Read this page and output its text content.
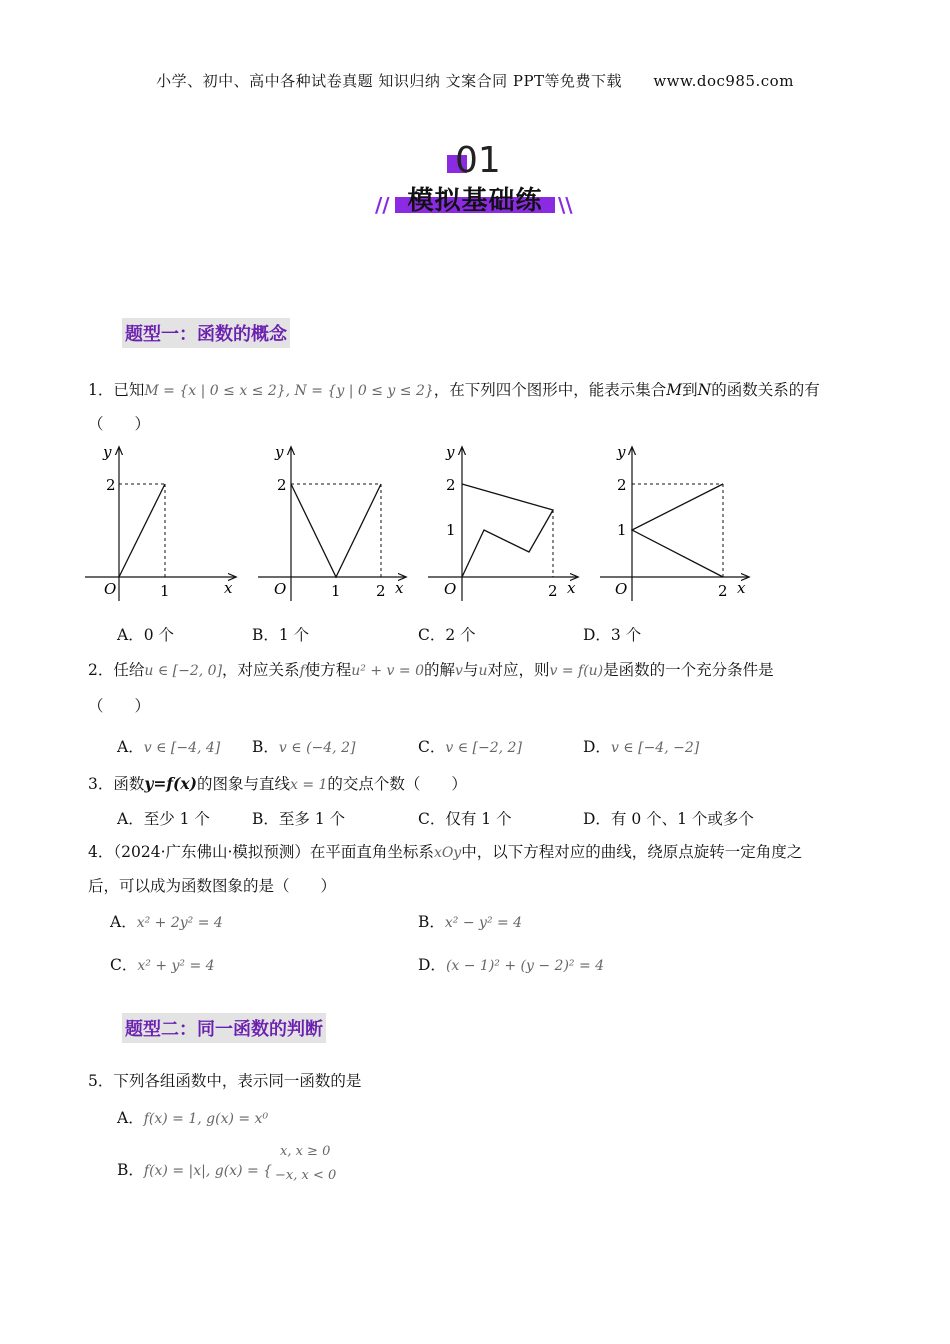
小学、初中、高中各种试卷真题 知识归纳 文案合同 PPT等免费下载 www.doc985.com
01
模拟基础练
//	\\
题型一：函数的概念
1．已知M = {x | 0 ≤ x ≤ 2}, N = {y | 0 ≤ y ≤ 2}，在下列四个图形中，能表示集合M到N的函数关系的有
（　　）
y
2
O	1	x
y
2
O	1 2 x
y
2
1
O	2 x
y
2
1
O	2 x
A．0 个	B．1 个	C．2 个	D．3 个
2．任给u ∈ [−2, 0]，对应关系f使方程u² + v = 0的解v与u对应，则v = f(u)是函数的一个充分条件是
（　　）
A．v ∈ [−4, 4] B．v ∈ (−4, 2]	C．v ∈ [−2, 2]	D．v ∈ [−4, −2]
3．函数y=f(x)的图象与直线x = 1的交点个数（　　）
A．至少 1 个	B．至多 1 个	C．仅有 1 个	D．有 0 个、1 个或多个
4．（2024·广东佛山·模拟预测）在平面直角坐标系xOy中，以下方程对应的曲线，绕原点旋转一定角度之
后，可以成为函数图象的是（　　）
A．x² + 2y² = 4	B．x² − y² = 4
C．x² + y² = 4	D．(x − 1)² + (y − 2)² = 4
题型二：同一函数的判断
5．下列各组函数中，表示同一函数的是
A．f(x) = 1, g(x) = x⁰
B．f(x) = |x|, g(x) = {
x, x ≥ 0
−x, x < 0
